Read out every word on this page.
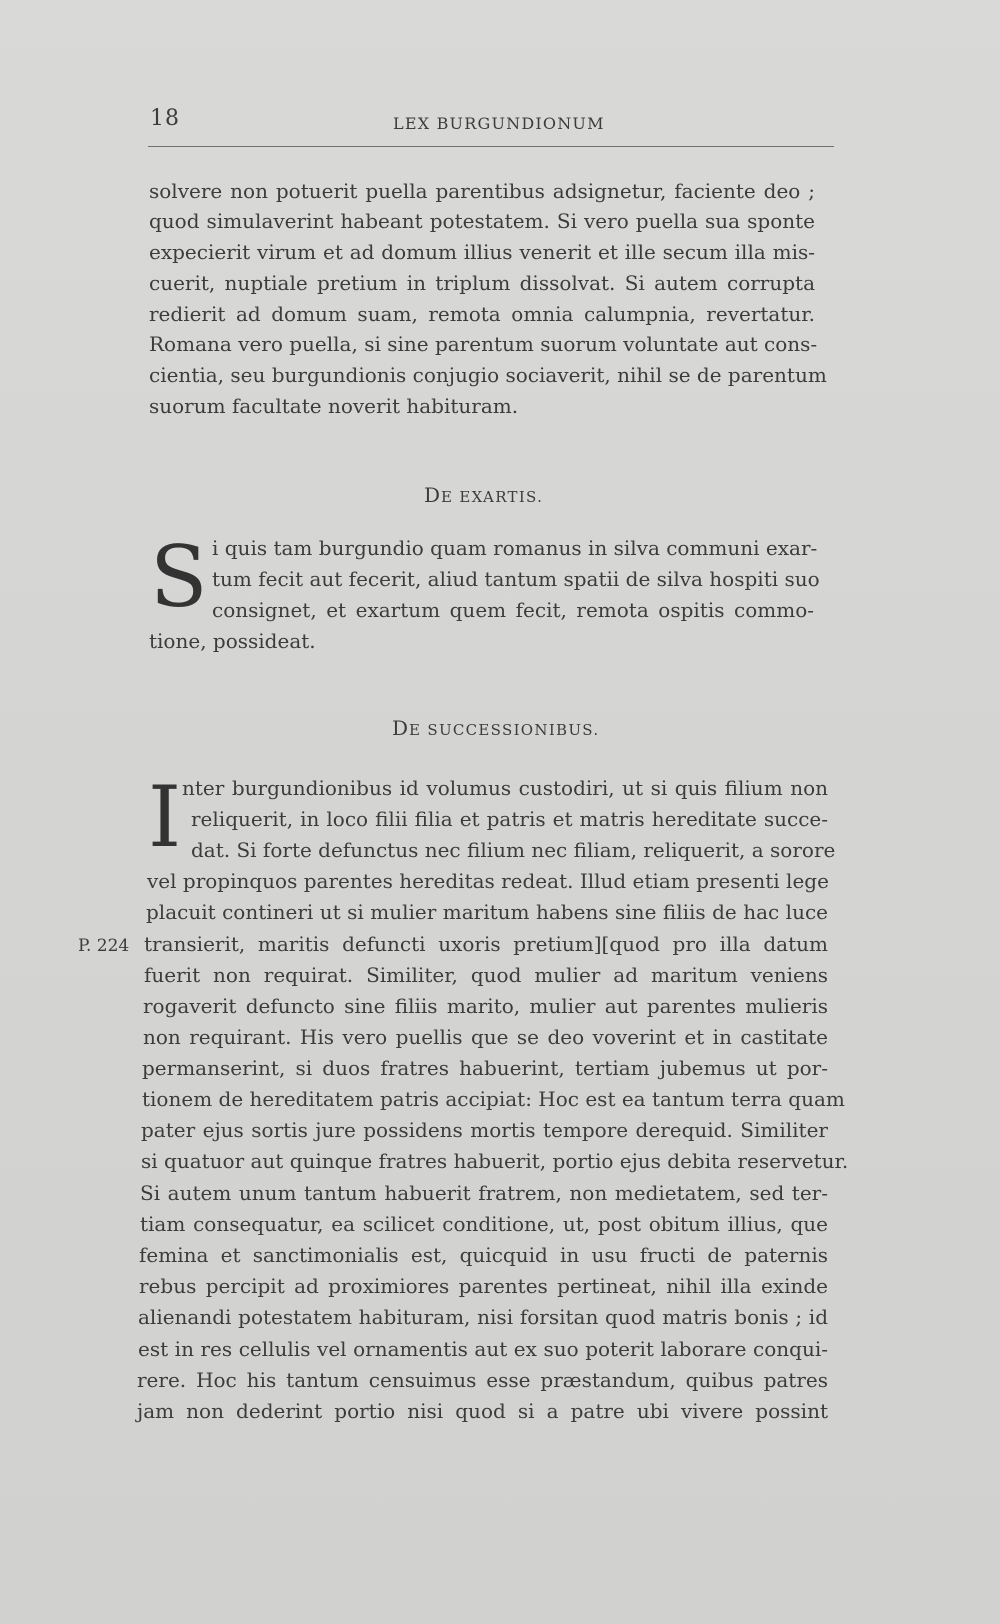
18	LEX BURGUNDIONUM
solvere non potuerit puella parentibus adsignetur, faciente deo ;
quod simulaverint habeant potestatem. Si vero puella sua sponte
expecierit virum et ad domum illius venerit et ille secum illa mis-
cuerit, nuptiale pretium in triplum dissolvat. Si autem corrupta
redierit ad domum suam, remota omnia calumpnia, revertatur.
Romana vero puella, si sine parentum suorum voluntate aut cons-
cientia, seu burgundionis conjugio sociaverit, nihil se de parentum
suorum facultate noverit habituram.
DE EXARTIS.
S i quis tam burgundio quam romanus in silva communi exar-
tum fecit aut fecerit, aliud tantum spatii de silva hospiti suo
consignet, et exartum quem fecit, remota ospitis commo-
tione, possideat.
DE SUCCESSIONIBUS.
I
P. 224
nter burgundionibus id volumus custodiri, ut si quis filium non
reliquerit, in loco filii filia et patris et matris hereditate succe-
dat. Si forte defunctus nec filium nec filiam, reliquerit, a sorore
vel propinquos parentes hereditas redeat. Illud etiam presenti lege
placuit contineri ut si mulier maritum habens sine filiis de hac luce
transierit, maritis defuncti uxoris pretium][quod pro illa datum
fuerit non requirat. Similiter, quod mulier ad maritum veniens
rogaverit defuncto sine filiis marito, mulier aut parentes mulieris
non requirant. His vero puellis que se deo voverint et in castitate
permanserint, si duos fratres habuerint, tertiam jubemus ut por-
tionem de hereditatem patris accipiat: Hoc est ea tantum terra quam
pater ejus sortis jure possidens mortis tempore derequid. Similiter
si quatuor aut quinque fratres habuerit, portio ejus debita reservetur.
Si autem unum tantum habuerit fratrem, non medietatem, sed ter-
tiam consequatur, ea scilicet conditione, ut, post obitum illius, que
femina et sanctimonialis est, quicquid in usu fructi de paternis
rebus percipit ad proximiores parentes pertineat, nihil illa exinde
alienandi potestatem habituram, nisi forsitan quod matris bonis ; id
est in res cellulis vel ornamentis aut ex suo poterit laborare conqui-
rere. Hoc his tantum censuimus esse præstandum, quibus patres
jam non dederint portio nisi quod si a patre ubi vivere possint
